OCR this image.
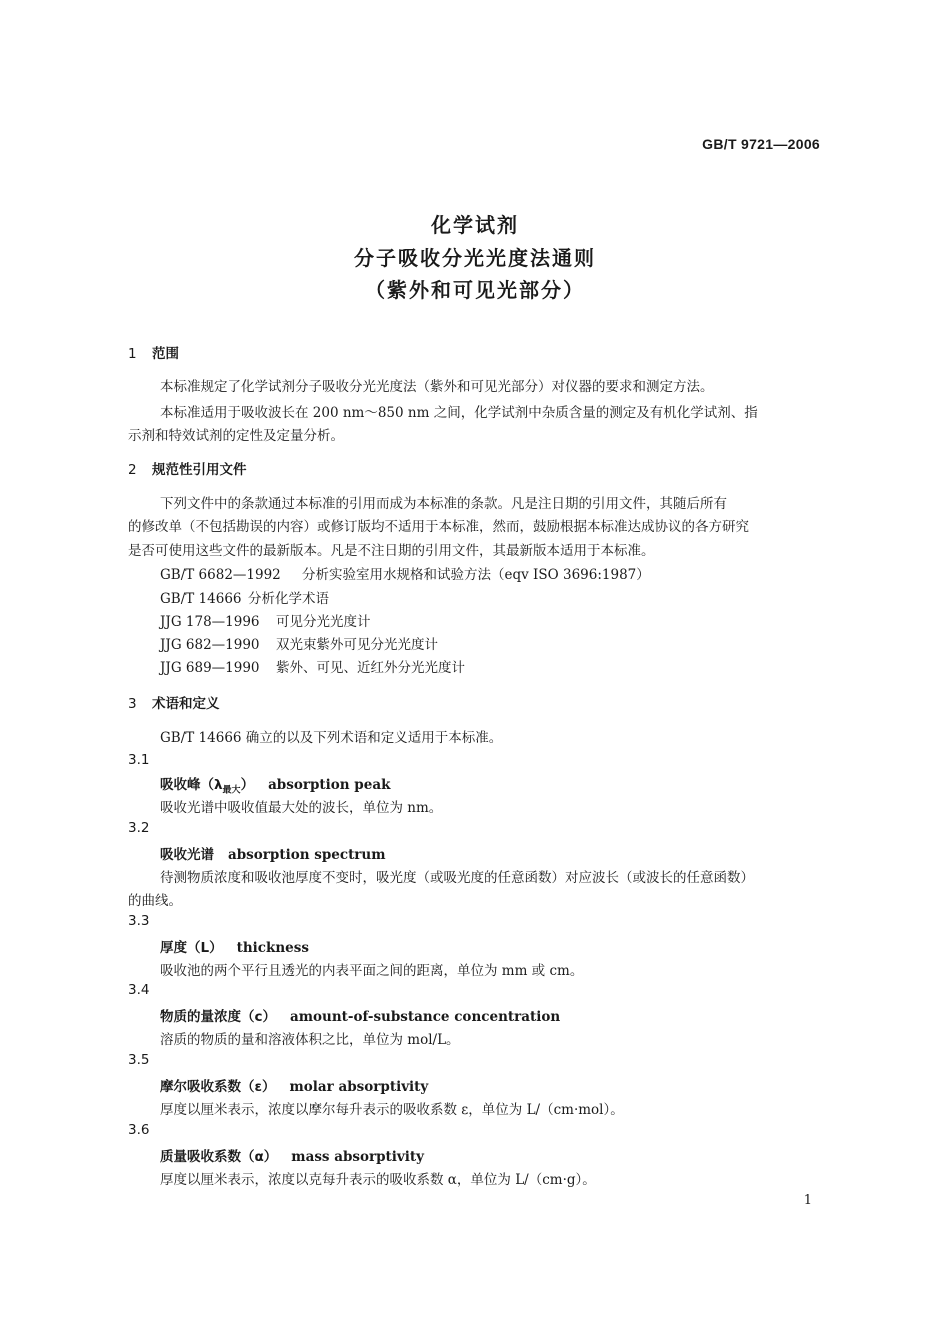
GB/T 9721—2006
化学试剂
分子吸收分光光度法通则
（紫外和可见光部分）
1 范围
本标准规定了化学试剂分子吸收分光光度法（紫外和可见光部分）对仪器的要求和测定方法。
本标准适用于吸收波长在 200 nm～850 nm 之间，化学试剂中杂质含量的测定及有机化学试剂、指
示剂和特效试剂的定性及定量分析。
2 规范性引用文件
下列文件中的条款通过本标准的引用而成为本标准的条款。凡是注日期的引用文件，其随后所有
的修改单（不包括勘误的内容）或修订版均不适用于本标准，然而，鼓励根据本标准达成协议的各方研究
是否可使用这些文件的最新版本。凡是不注日期的引用文件，其最新版本适用于本标准。
GB/T 6682—1992 分析实验室用水规格和试验方法（eqv ISO 3696:1987）
GB/T 14666 分析化学术语
JJG 178—1996 可见分光光度计
JJG 682—1990 双光束紫外可见分光光度计
JJG 689—1990 紫外、可见、近红外分光光度计
3 术语和定义
GB/T 14666 确立的以及下列术语和定义适用于本标准。
3.1
吸收峰$(\lambda_{最大})$ absorption peak
吸收光谱中吸收值最大处的波长，单位为 nm。
3.2
吸收光谱 absorption spectrum
待测物质浓度和吸收池厚度不变时，吸光度（或吸光度的任意函数）对应波长（或波长的任意函数）
的曲线。
3.3
厚度（L） thickness
吸收池的两个平行且透光的内表平面之间的距离，单位为 mm 或 cm。
3.4
物质的量浓度（c） amount-of-substance concentration
溶质的物质的量和溶液体积之比，单位为 mol/L。
3.5
摩尔吸收系数（ε） molar absorptivity
厚度以厘米表示，浓度以摩尔每升表示的吸收系数 ε，单位为 L/（cm·mol）。
3.6
质量吸收系数（α） mass absorptivity
厚度以厘米表示，浓度以克每升表示的吸收系数 α，单位为 L/（cm·g）。
1
